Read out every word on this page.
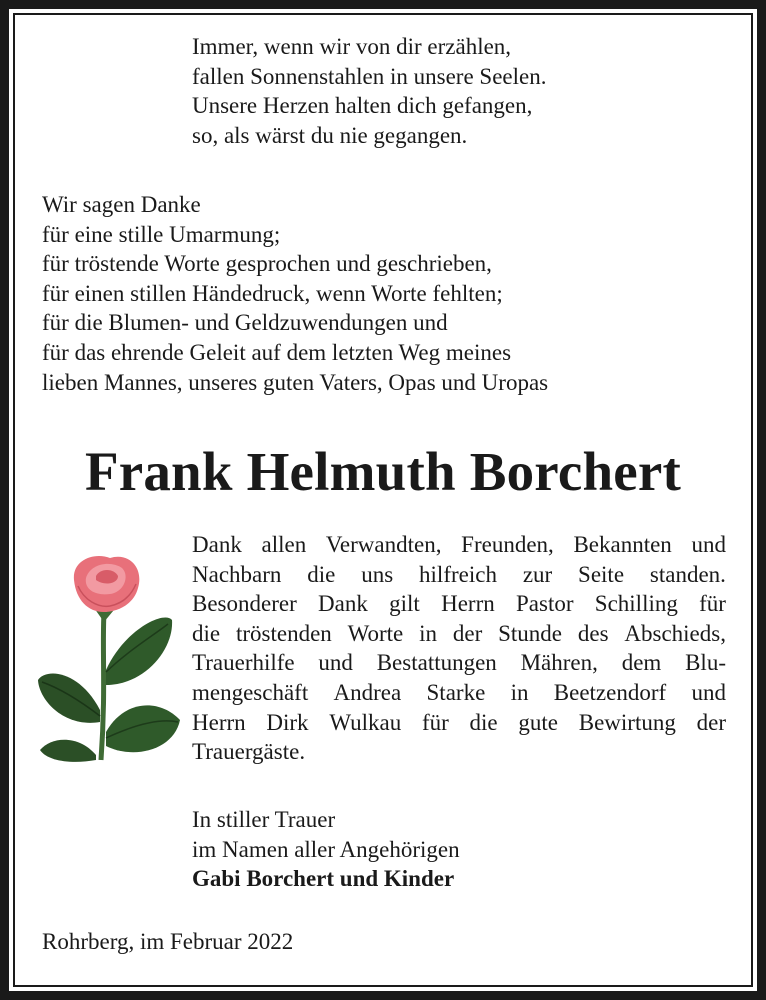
Immer, wenn wir von dir erzählen,
fallen Sonnenstahlen in unsere Seelen.
Unsere Herzen halten dich gefangen,
so, als wärst du nie gegangen.
Wir sagen Danke
für eine stille Umarmung;
für tröstende Worte gesprochen und geschrieben,
für einen stillen Händedruck, wenn Worte fehlten;
für die Blumen- und Geldzuwendungen und
für das ehrende Geleit auf dem letzten Weg meines
lieben Mannes, unseres guten Vaters, Opas und Uropas
Frank Helmuth Borchert
Dank allen Verwandten, Freunden, Bekannten und
Nachbarn die uns hilfreich zur Seite standen.
Besonderer Dank gilt Herrn Pastor Schilling für
die tröstenden Worte in der Stunde des Abschieds,
Trauerhilfe und Bestattungen Mähren, dem Blu-
mengeschäft Andrea Starke in Beetzendorf und
Herrn Dirk Wulkau für die gute Bewirtung der
Trauergäste.
In stiller Trauer
im Namen aller Angehörigen
Gabi Borchert und Kinder
Rohrberg, im Februar 2022
